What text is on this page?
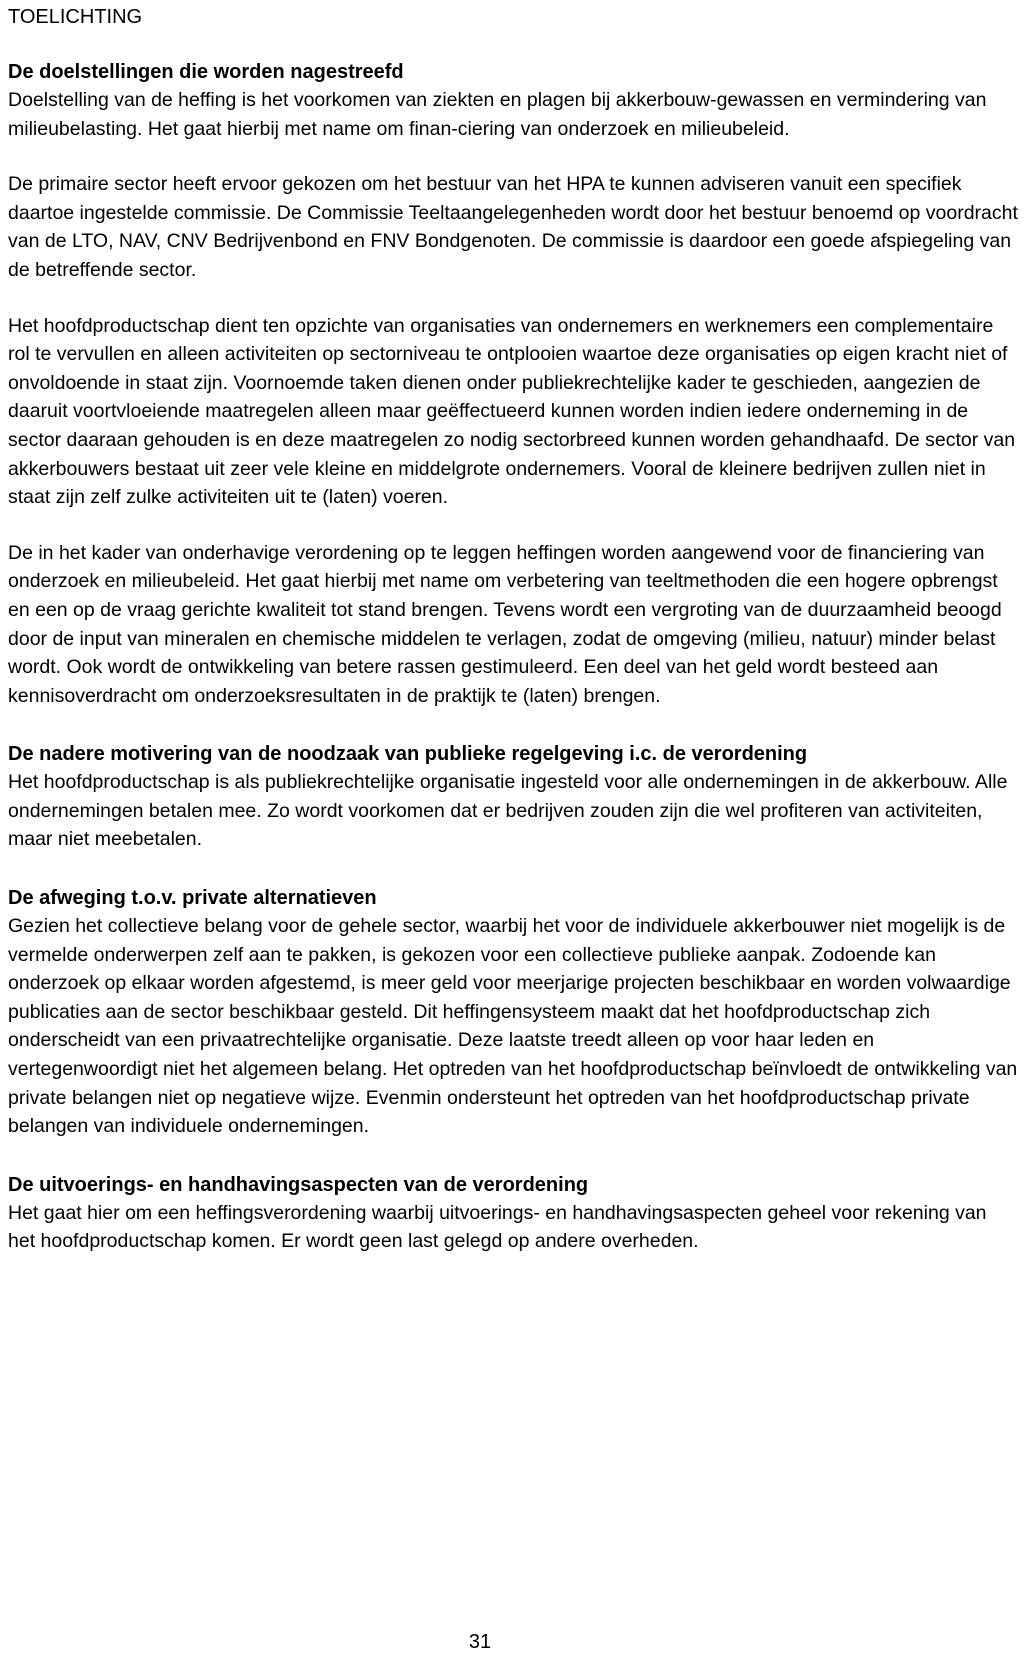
TOELICHTING
De doelstellingen die worden nagestreefd

Doelstelling van de heffing is het voorkomen van ziekten en plagen bij akkerbouw-gewassen en vermindering van milieubelasting. Het gaat hierbij met name om finan-ciering van onderzoek en milieubeleid.

De primaire sector heeft ervoor gekozen om het bestuur van het HPA te kunnen adviseren vanuit een specifiek daartoe ingestelde commissie. De Commissie Teeltaangelegenheden wordt door het bestuur benoemd op voordracht van de LTO, NAV, CNV Bedrijvenbond en FNV Bondgenoten. De commissie is daardoor een goede afspiegeling van de betreffende sector.

Het hoofdproductschap dient ten opzichte van organisaties van ondernemers en werknemers een complementaire rol te vervullen en alleen activiteiten op sectorniveau te ontplooien waartoe deze organisaties op eigen kracht niet of onvoldoende in staat zijn. Voornoemde taken dienen onder publiekrechtelijke kader te geschieden, aangezien de daaruit voortvloeiende maatregelen alleen maar geëffectueerd kunnen worden indien iedere onderneming in de sector daaraan gehouden is en deze maatregelen zo nodig sectorbreed kunnen worden gehandhaafd. De sector van akkerbouwers bestaat uit zeer vele kleine en middelgrote ondernemers. Vooral de kleinere bedrijven zullen niet in staat zijn zelf zulke activiteiten uit te (laten) voeren.

De in het kader van onderhavige verordening op te leggen heffingen worden aangewend voor de financiering van onderzoek en milieubeleid. Het gaat hierbij met name om verbetering van teeltmethoden die een hogere opbrengst en een op de vraag gerichte kwaliteit tot stand brengen. Tevens wordt een vergroting van de duurzaamheid beoogd door de input van mineralen en chemische middelen te verlagen, zodat de omgeving (milieu, natuur) minder belast wordt. Ook wordt de ontwikkeling van betere rassen gestimuleerd. Een deel van het geld wordt besteed aan kennisoverdracht om onderzoeksresultaten in de praktijk te (laten) brengen.

De nadere motivering van de noodzaak van publieke regelgeving i.c. de verordening

Het hoofdproductschap is als publiekrechtelijke organisatie ingesteld voor alle ondernemingen in de akkerbouw. Alle ondernemingen betalen mee. Zo wordt voorkomen dat er bedrijven zouden zijn die wel profiteren van activiteiten, maar niet meebetalen.

De afweging t.o.v. private alternatieven

Gezien het collectieve belang voor de gehele sector, waarbij het voor de individuele akkerbouwer niet mogelijk is de vermelde onderwerpen zelf aan te pakken, is gekozen voor een collectieve publieke aanpak. Zodoende kan onderzoek op elkaar worden afgestemd, is meer geld voor meerjarige projecten beschikbaar en worden volwaardige publicaties aan de sector beschikbaar gesteld. Dit heffingensysteem maakt dat het hoofdproductschap zich onderscheidt van een privaatrechtelijke organisatie. Deze laatste treedt alleen op voor haar leden en vertegenwoordigt niet het algemeen belang. Het optreden van het hoofdproductschap beïnvloedt de ontwikkeling van private belangen niet op negatieve wijze. Evenmin ondersteunt het optreden van het hoofdproductschap private belangen van individuele ondernemingen.

De uitvoerings- en handhavingsaspecten van de verordening

Het gaat hier om een heffingsverordening waarbij uitvoerings- en handhavingsaspecten geheel voor rekening van het hoofdproductschap komen. Er wordt geen last gelegd op andere overheden.

31
